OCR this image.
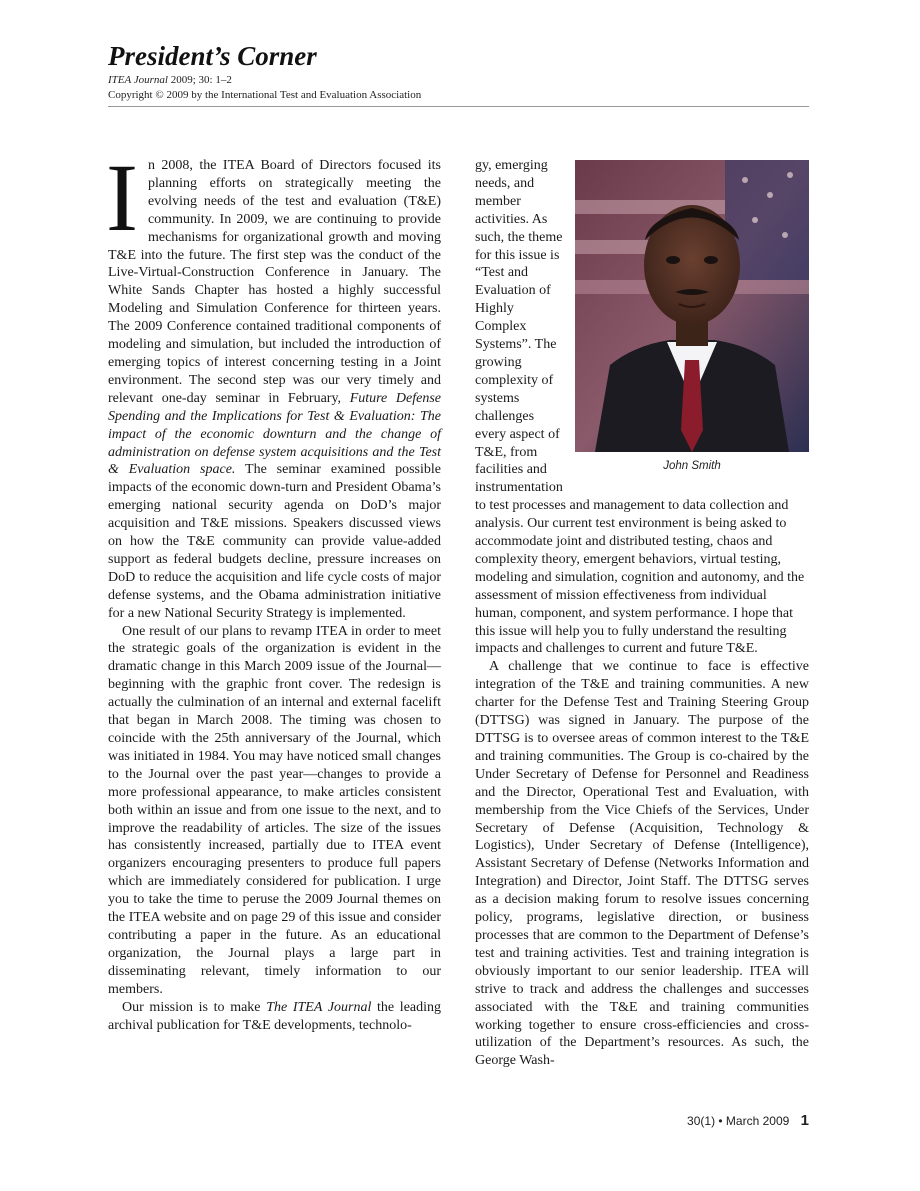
President’s Corner
ITEA Journal 2009; 30: 1–2
Copyright © 2009 by the International Test and Evaluation Association

In 2008, the ITEA Board of Directors focused its planning efforts on strategically meeting the evolving needs of the test and evaluation (T&E) community. In 2009, we are continuing to provide mechanisms for organizational growth and moving T&E into the future. The first step was the conduct of the Live-Virtual-Construction Conference in January. The White Sands Chapter has hosted a highly successful Modeling and Simulation Conference for thirteen years. The 2009 Conference contained traditional components of modeling and simulation, but included the introduction of emerging topics of interest concerning testing in a Joint environment. The second step was our very timely and relevant one-day seminar in February, Future Defense Spending and the Implications for Test & Evaluation: The impact of the economic downturn and the change of administration on defense system acquisitions and the Test & Evaluation space. The seminar examined possible impacts of the economic down-turn and President Obama’s emerging national security agenda on DoD’s major acquisition and T&E missions. Speakers discussed views on how the T&E community can provide value-added support as federal budgets decline, pressure increases on DoD to reduce the acquisition and life cycle costs of major defense systems, and the Obama administration initiative for a new National Security Strategy is implemented.

One result of our plans to revamp ITEA in order to meet the strategic goals of the organization is evident in the dramatic change in this March 2009 issue of the Journal—beginning with the graphic front cover. The redesign is actually the culmination of an internal and external facelift that began in March 2008. The timing was chosen to coincide with the 25th anniversary of the Journal, which was initiated in 1984. You may have noticed small changes to the Journal over the past year—changes to provide a more professional appearance, to make articles consistent both within an issue and from one issue to the next, and to improve the readability of articles. The size of the issues has consistently increased, partially due to ITEA event organizers encouraging presenters to produce full papers which are immediately considered for publication. I urge you to take the time to peruse the 2009 Journal themes on the ITEA website and on page 29 of this issue and consider contributing a paper in the future. As an educational organization, the Journal plays a large part in disseminating relevant, timely information to our members.

Our mission is to make The ITEA Journal the leading archival publication for T&E developments, technolo-

John Smith

gy, emerging needs, and member activities. As such, the theme for this issue is “Test and Evaluation of Highly Complex Systems”. The growing complexity of systems challenges every aspect of T&E, from facilities and instrumentation to test processes and management to data collection and analysis. Our current test environment is being asked to accommodate joint and distributed testing, chaos and complexity theory, emergent behaviors, virtual testing, modeling and simulation, cognition and autonomy, and the assessment of mission effectiveness from individual human, component, and system performance. I hope that this issue will help you to fully understand the resulting impacts and challenges to current and future T&E.

A challenge that we continue to face is effective integration of the T&E and training communities. A new charter for the Defense Test and Training Steering Group (DTTSG) was signed in January. The purpose of the DTTSG is to oversee areas of common interest to the T&E and training communities. The Group is co-chaired by the Under Secretary of Defense for Personnel and Readiness and the Director, Operational Test and Evaluation, with membership from the Vice Chiefs of the Services, Under Secretary of Defense (Acquisition, Technology & Logistics), Under Secretary of Defense (Intelligence), Assistant Secretary of Defense (Networks Information and Integration) and Director, Joint Staff. The DTTSG serves as a decision making forum to resolve issues concerning policy, programs, legislative direction, or business processes that are common to the Department of Defense’s test and training activities. Test and training integration is obviously important to our senior leadership. ITEA will strive to track and address the challenges and successes associated with the T&E and training communities working together to ensure cross-efficiencies and cross-utilization of the Department’s resources. As such, the George Wash-

30(1) • March 2009 1
